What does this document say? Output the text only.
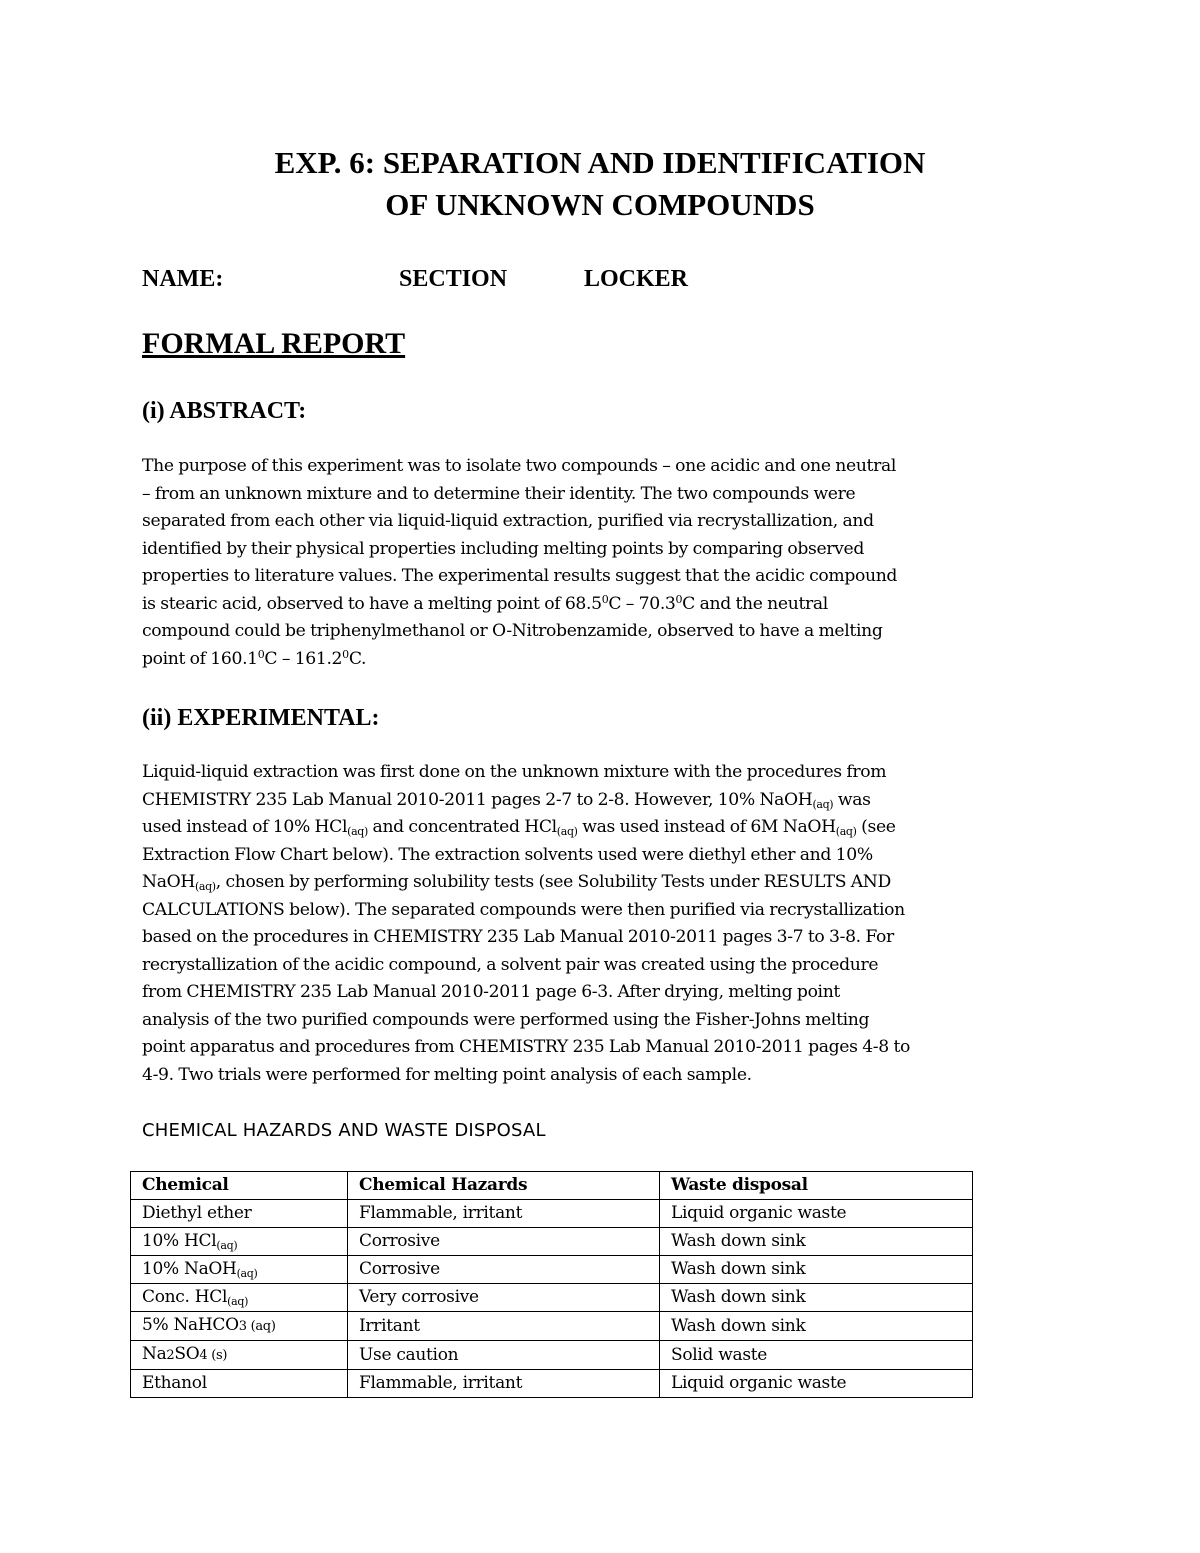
EXP. 6: SEPARATION AND IDENTIFICATION
OF UNKNOWN COMPOUNDS
NAME:	SECTION	LOCKER
FORMAL REPORT
(i) ABSTRACT:
The purpose of this experiment was to isolate two compounds – one acidic and one neutral
– from an unknown mixture and to determine their identity. The two compounds were
separated from each other via liquid-liquid extraction, purified via recrystallization, and
identified by their physical properties including melting points by comparing observed
properties to literature values. The experimental results suggest that the acidic compound
is stearic acid, observed to have a melting point of 68.5$^0$C – 70.3$^0$C and the neutral
compound could be triphenylmethanol or O-Nitrobenzamide, observed to have a melting
point of 160.1$^0$C – 161.2$^0$C.
(ii) EXPERIMENTAL:
Liquid-liquid extraction was first done on the unknown mixture with the procedures from
CHEMISTRY 235 Lab Manual 2010-2011 pages 2-7 to 2-8. However, 10% NaOH$_{(aq)}$ was
used instead of 10% HCl$_{(aq)}$ and concentrated HCl$_{(aq)}$ was used instead of 6M NaOH$_{(aq)}$ (see
Extraction Flow Chart below). The extraction solvents used were diethyl ether and 10%
NaOH$_{(aq)}$, chosen by performing solubility tests (see Solubility Tests under RESULTS AND
CALCULATIONS below). The separated compounds were then purified via recrystallization
based on the procedures in CHEMISTRY 235 Lab Manual 2010-2011 pages 3-7 to 3-8. For
recrystallization of the acidic compound, a solvent pair was created using the procedure
from CHEMISTRY 235 Lab Manual 2010-2011 page 6-3. After drying, melting point
analysis of the two purified compounds were performed using the Fisher-Johns melting
point apparatus and procedures from CHEMISTRY 235 Lab Manual 2010-2011 pages 4-8 to
4-9. Two trials were performed for melting point analysis of each sample.
CHEMICAL HAZARDS AND WASTE DISPOSAL
Chemical	Chemical Hazards	Waste disposal
Diethyl ether	Flammable, irritant	Liquid organic waste
10% HCl$_{(aq)}$	Corrosive	Wash down sink
10% NaOH$_{(aq)}$	Corrosive	Wash down sink
Conc. HCl$_{(aq)}$	Very corrosive	Wash down sink
5% NaHCO3 (aq)	Irritant	Wash down sink
Na2SO4 (s)	Use caution	Solid waste
Ethanol	Flammable, irritant	Liquid organic waste
